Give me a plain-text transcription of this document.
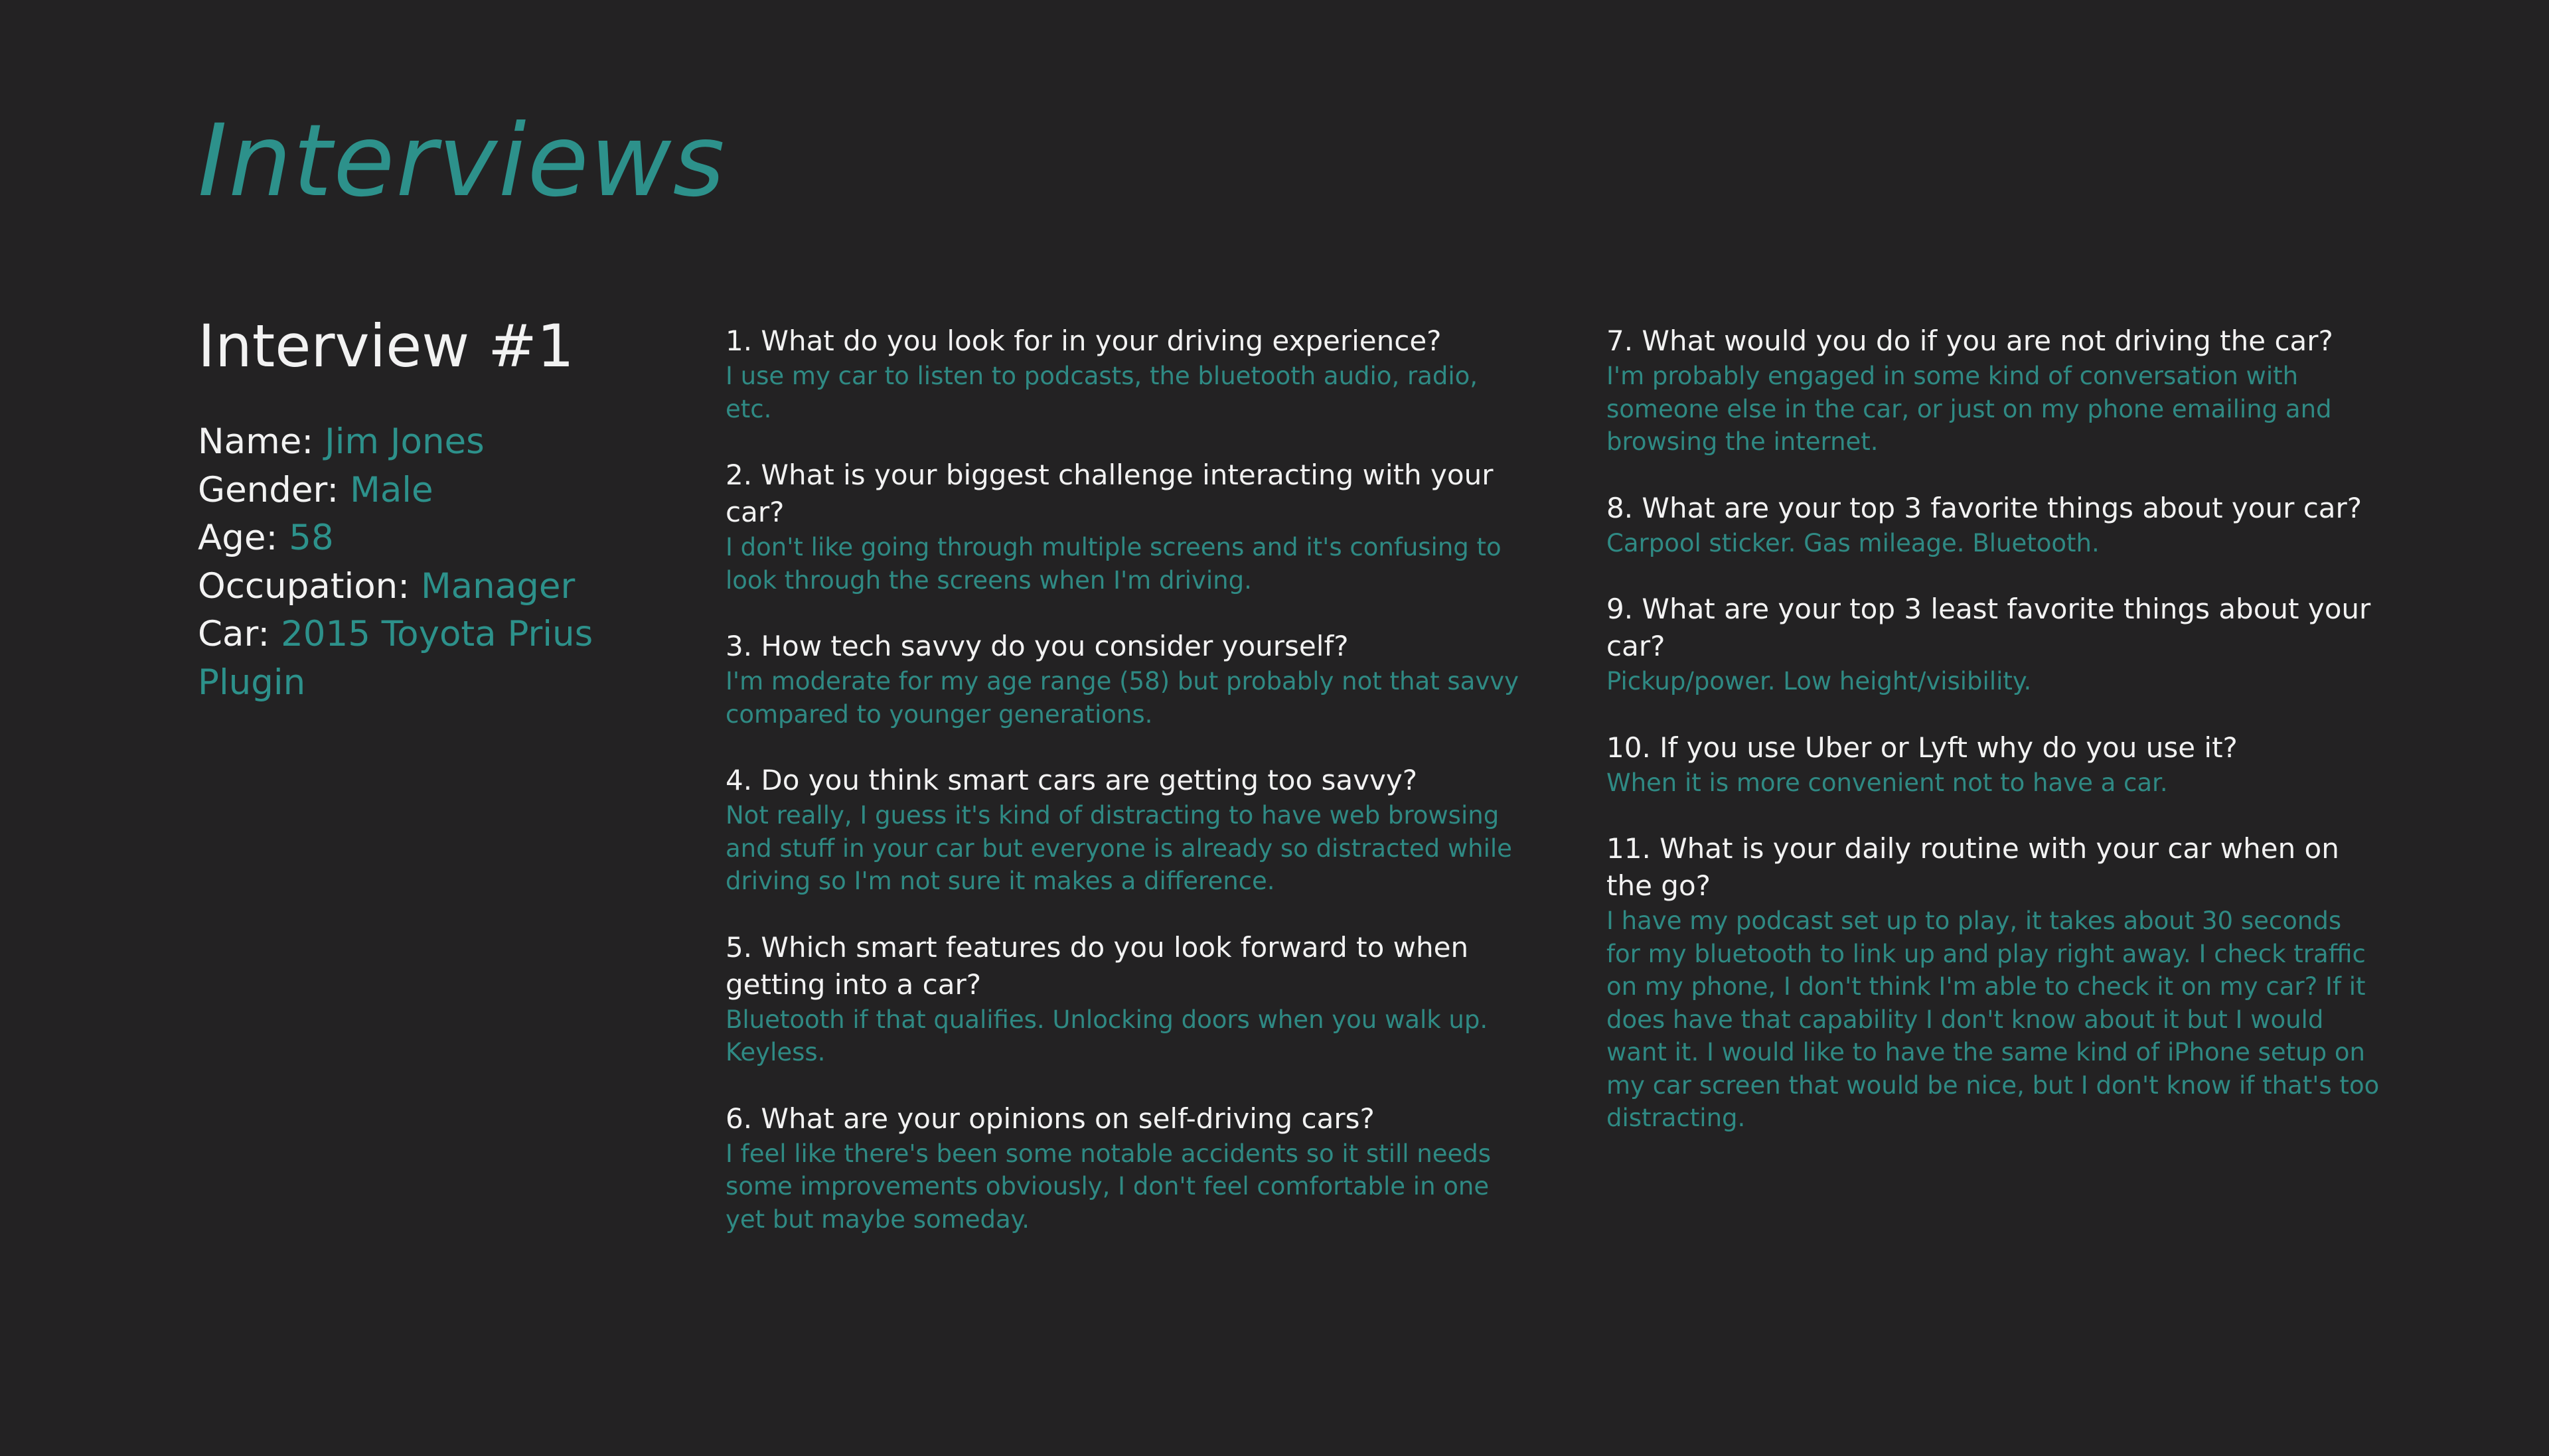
Interviews
Interview #1
Name: Jim Jones
Gender: Male
Age: 58
Occupation: Manager
Car: 2015 Toyota Prius
Plugin

1. What do you look for in your driving experience?

I use my car to listen to podcasts, the bluetooth audio, radio, etc.

2. What is your biggest challenge interacting with your
car?

I don't like going through multiple screens and it's confusing to
look through the screens when I'm driving.

3. How tech savvy do you consider yourself?

I'm moderate for my age range (58) but probably not that savvy
compared to younger generations.

4. Do you think smart cars are getting too savvy?

Not really, I guess it's kind of distracting to have web browsing
and stuff in your car but everyone is already so distracted while
driving so I'm not sure it makes a difference.

5. Which smart features do you look forward to when
getting into a car?

Bluetooth if that qualifies. Unlocking doors when you walk up.
Keyless.

6. What are your opinions on self-driving cars?

I feel like there's been some notable accidents so it still needs
some improvements obviously, I don't feel comfortable in one
yet but maybe someday.

7. What would you do if you are not driving the car?

I'm probably engaged in some kind of conversation with
someone else in the car, or just on my phone emailing and
browsing the internet.

8. What are your top 3 favorite things about your car?

Carpool sticker. Gas mileage. Bluetooth.

9. What are your top 3 least favorite things about your
car?

Pickup/power. Low height/visibility.

10. If you use Uber or Lyft why do you use it?

When it is more convenient not to have a car.

11. What is your daily routine with your car when on
the go?

I have my podcast set up to play, it takes about 30 seconds
for my bluetooth to link up and play right away. I check traffic
on my phone, I don't think I'm able to check it on my car? If it
does have that capability I don't know about it but I would
want it. I would like to have the same kind of iPhone setup on
my car screen that would be nice, but I don't know if that's too
distracting.
